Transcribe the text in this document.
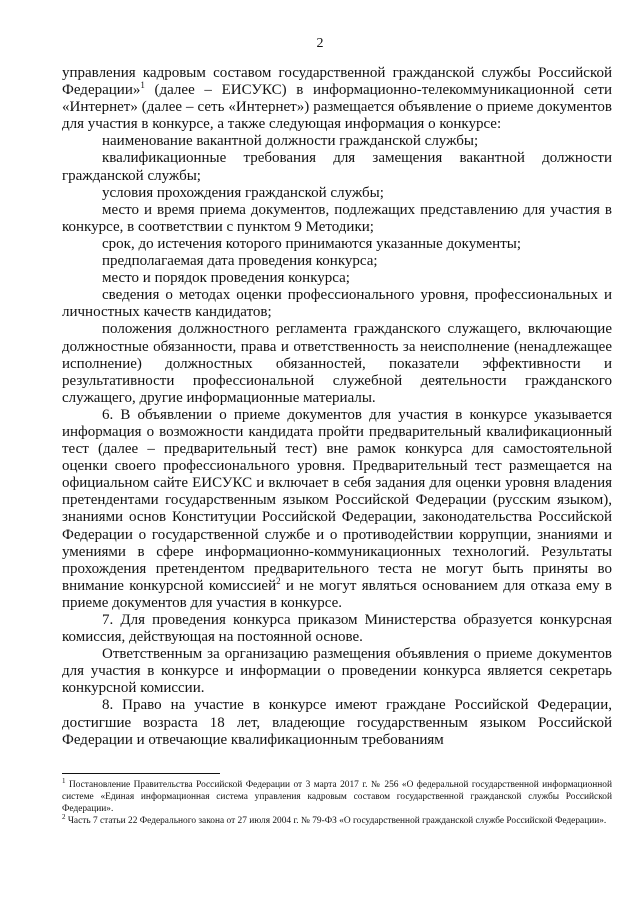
2

управления кадровым составом государственной гражданской службы Российской Федерации»$^1$ (далее – ЕИСУКС) в информационно-телекоммуникационной сети «Интернет» (далее – сеть «Интернет») размещается объявление о приеме документов для участия в конкурсе, а также следующая информация о конкурсе:

наименование вакантной должности гражданской службы;

квалификационные требования для замещения вакантной должности гражданской службы;

условия прохождения гражданской службы;

место и время приема документов, подлежащих представлению для участия в конкурсе, в соответствии с пунктом 9 Методики;

срок, до истечения которого принимаются указанные документы;

предполагаемая дата проведения конкурса;

место и порядок проведения конкурса;

сведения о методах оценки профессионального уровня, профессиональных и личностных качеств кандидатов;

положения должностного регламента гражданского служащего, включающие должностные обязанности, права и ответственность за неисполнение (ненадлежащее исполнение) должностных обязанностей, показатели эффективности и результативности профессиональной служебной деятельности гражданского служащего, другие информационные материалы.

6. В объявлении о приеме документов для участия в конкурсе указывается информация о возможности кандидата пройти предварительный квалификационный тест (далее – предварительный тест) вне рамок конкурса для самостоятельной оценки своего профессионального уровня. Предварительный тест размещается на официальном сайте ЕИСУКС и включает в себя задания для оценки уровня владения претендентами государственным языком Российской Федерации (русским языком), знаниями основ Конституции Российской Федерации, законодательства Российской Федерации о государственной службе и о противодействии коррупции, знаниями и умениями в сфере информационно-коммуникационных технологий. Результаты прохождения претендентом предварительного теста не могут быть приняты во внимание конкурсной комиссией$^2$ и не могут являться основанием для отказа ему в приеме документов для участия в конкурсе.

7. Для проведения конкурса приказом Министерства образуется конкурсная комиссия, действующая на постоянной основе.

Ответственным за организацию размещения объявления о приеме документов для участия в конкурсе и информации о проведении конкурса является секретарь конкурсной комиссии.

8. Право на участие в конкурсе имеют граждане Российской Федерации, достигшие возраста 18 лет, владеющие государственным языком Российской Федерации и отвечающие квалификационным требованиям

$^1$ Постановление Правительства Российской Федерации от 3 марта 2017 г. № 256 «О федеральной государственной информационной системе «Единая информационная система управления кадровым составом государственной гражданской службы Российской Федерации».

$^2$ Часть 7 статьи 22 Федерального закона от 27 июля 2004 г. № 79-ФЗ «О государственной гражданской службе Российской Федерации».
